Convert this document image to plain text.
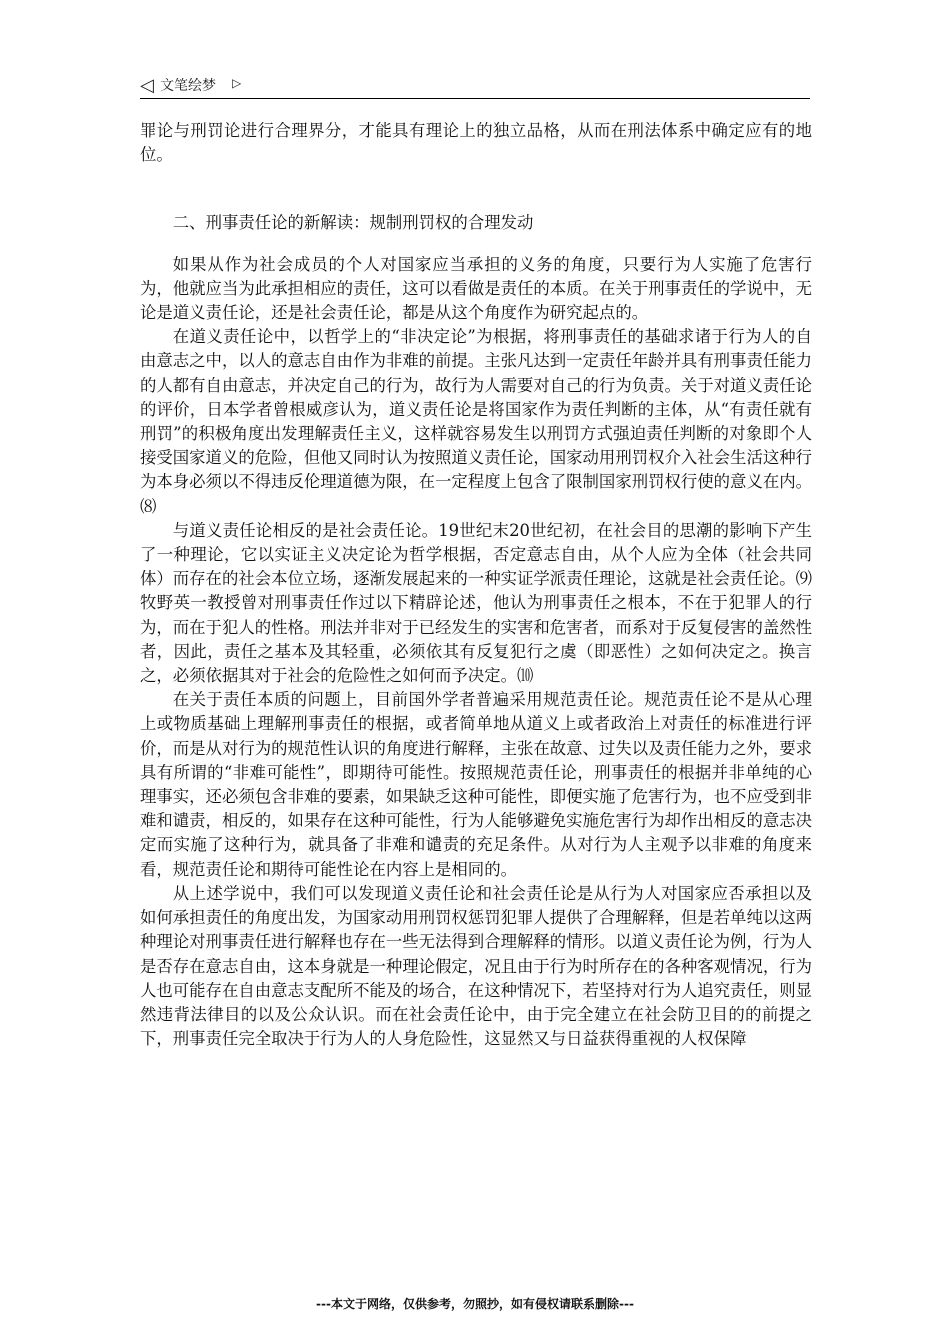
◁ 文笔绘梦 ▷

罪论与刑罚论进行合理界分，才能具有理论上的独立品格，从而在刑法体系中确定应有的地位。

二、刑事责任论的新解读：规制刑罚权的合理发动

如果从作为社会成员的个人对国家应当承担的义务的角度，只要行为人实施了危害行为，他就应当为此承担相应的责任，这可以看做是责任的本质。在关于刑事责任的学说中，无论是道义责任论，还是社会责任论，都是从这个角度作为研究起点的。

在道义责任论中，以哲学上的“非决定论”为根据，将刑事责任的基础求诸于行为人的自由意志之中，以人的意志自由作为非难的前提。主张凡达到一定责任年龄并具有刑事责任能力的人都有自由意志，并决定自己的行为，故行为人需要对自己的行为负责。关于对道义责任论的评价，日本学者曾根威彦认为，道义责任论是将国家作为责任判断的主体，从“有责任就有刑罚”的积极角度出发理解责任主义，这样就容易发生以刑罚方式强迫责任判断的对象即个人接受国家道义的危险，但他又同时认为按照道义责任论，国家动用刑罚权介入社会生活这种行为本身必须以不得违反伦理道德为限，在一定程度上包含了限制国家刑罚权行使的意义在内。⑻

与道义责任论相反的是社会责任论。19世纪末20世纪初，在社会目的思潮的影响下产生了一种理论，它以实证主义决定论为哲学根据，否定意志自由，从个人应为全体（社会共同体）而存在的社会本位立场，逐渐发展起来的一种实证学派责任理论，这就是社会责任论。⑼牧野英一教授曾对刑事责任作过以下精辟论述，他认为刑事责任之根本，不在于犯罪人的行为，而在于犯人的性格。刑法并非对于已经发生的实害和危害者，而系对于反复侵害的盖然性者，因此，责任之基本及其轻重，必须依其有反复犯行之虞（即恶性）之如何决定之。换言之，必须依据其对于社会的危险性之如何而予决定。⑽

在关于责任本质的问题上，目前国外学者普遍采用规范责任论。规范责任论不是从心理上或物质基础上理解刑事责任的根据，或者简单地从道义上或者政治上对责任的标准进行评价，而是从对行为的规范性认识的角度进行解释，主张在故意、过失以及责任能力之外，要求具有所谓的“非难可能性”，即期待可能性。按照规范责任论，刑事责任的根据并非单纯的心理事实，还必须包含非难的要素，如果缺乏这种可能性，即便实施了危害行为，也不应受到非难和谴责，相反的，如果存在这种可能性，行为人能够避免实施危害行为却作出相反的意志决定而实施了这种行为，就具备了非难和谴责的充足条件。从对行为人主观予以非难的角度来看，规范责任论和期待可能性论在内容上是相同的。

从上述学说中，我们可以发现道义责任论和社会责任论是从行为人对国家应否承担以及如何承担责任的角度出发，为国家动用刑罚权惩罚犯罪人提供了合理解释，但是若单纯以这两种理论对刑事责任进行解释也存在一些无法得到合理解释的情形。以道义责任论为例，行为人是否存在意志自由，这本身就是一种理论假定，况且由于行为时所存在的各种客观情况，行为人也可能存在自由意志支配所不能及的场合，在这种情况下，若坚持对行为人追究责任，则显然违背法律目的以及公众认识。而在社会责任论中，由于完全建立在社会防卫目的的前提之下，刑事责任完全取决于行为人的人身危险性，这显然又与日益获得重视的人权保障

---本文于网络，仅供参考，勿照抄，如有侵权请联系删除---
